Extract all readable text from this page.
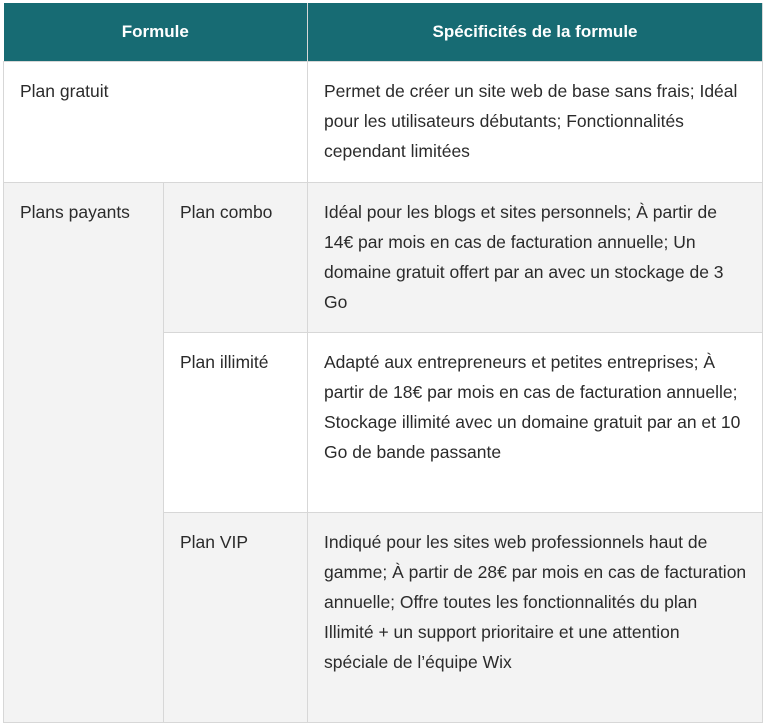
Formule		Spécificités de la formule
Plan gratuit		Permet de créer un site web de base sans frais; Idéal pour les utilisateurs débutants; Fonctionnalités cependant limitées
Plans payants	Plan combo	Idéal pour les blogs et sites personnels; À partir de 14€ par mois en cas de facturation annuelle; Un domaine gratuit offert par an avec un stockage de 3 Go
	Plan illimité	Adapté aux entrepreneurs et petites entreprises; À partir de 18€ par mois en cas de facturation annuelle; Stockage illimité avec un domaine gratuit par an et 10 Go de bande passante
	Plan VIP	Indiqué pour les sites web professionnels haut de gamme; À partir de 28€ par mois en cas de facturation annuelle; Offre toutes les fonctionnalités du plan Illimité + un support prioritaire et une attention spéciale de l’équipe Wix
